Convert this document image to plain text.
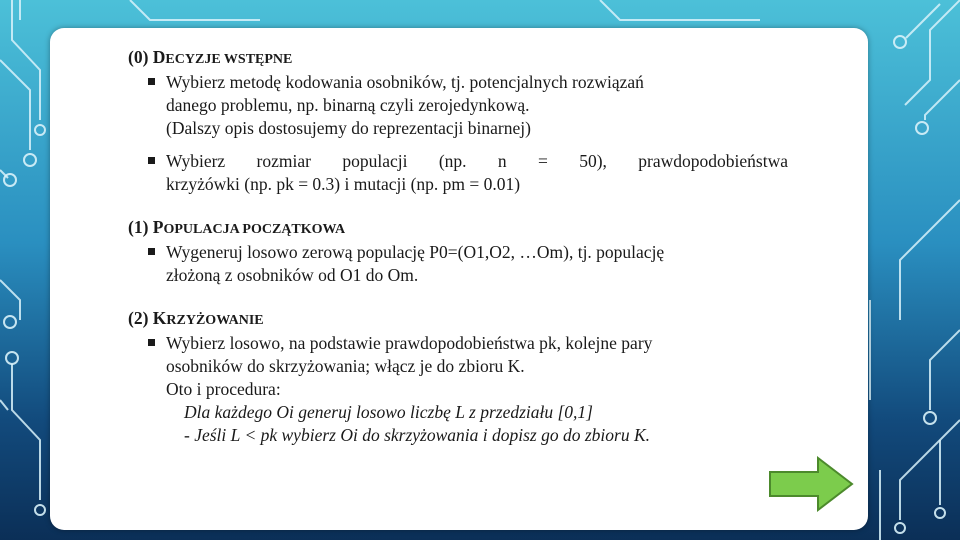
(0) DECYZJE WSTĘPNE

Wybierz metodę kodowania osobników, tj. potencjalnych rozwiązań
danego problemu, np. binarną czyli zerojedynkową.
(Dalszy opis dostosujemy do reprezentacji binarnej)
Wybierz rozmiar populacji (np. n = 50), prawdopodobieństwa
krzyżówki (np. pk = 0.3) i mutacji (np. pm = 0.01)

(1) POPULACJA POCZĄTKOWA

Wygeneruj losowo zerową populację P0=(O1,O2, …Om), tj. populację
złożoną z osobników od O1 do Om.

(2) KRZYŻOWANIE

Wybierz losowo, na podstawie prawdopodobieństwa pk, kolejne pary
osobników do skrzyżowania; włącz je do zbioru K.
Oto i procedura:
Dla każdego Oi generuj losowo liczbę L z przedziału [0,1]
- Jeśli L < pk wybierz Oi do skrzyżowania i dopisz go do zbioru K.
